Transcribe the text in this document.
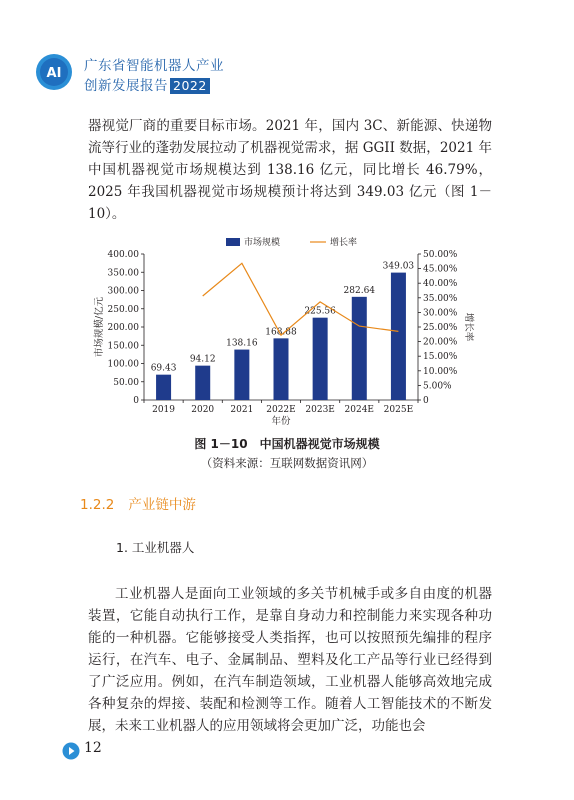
AI 广东省智能机器人产业
创新发展报告 2022
器视觉厂商的重要目标市场。2021 年，国内 3C、新能源、快递物流等行业的蓬勃发展拉动了机器视觉需求，据 GGII 数据，2021 年中国机器视觉市场规模达到 138.16 亿元，同比增长 46.79%，2025 年我国机器视觉市场规模预计将达到 349.03 亿元（图 1－10）。
0
50.00
100.00
150.00
200.00
250.00
300.00
350.00
400.00
0
5.00%
10.00%
15.00%
20.00%
25.00%
30.00%
35.00%
40.00%
45.00%
50.00%
69.43
94.12
138.16
168.88
225.56
282.64
349.03
2019 2020 2021 2022E 2023E 2024E 2025E
年份
市场规模/亿元	增长率
市场规模	增长率
图 1－10　中国机器视觉市场规模
（资料来源：互联网数据资讯网）
1.2.2 产业链中游
1. 工业机器人
工业机器人是面向工业领域的多关节机械手或多自由度的机器装置，它能自动执行工作，是靠自身动力和控制能力来实现各种功能的一种机器。它能够接受人类指挥，也可以按照预先编排的程序运行，在汽车、电子、金属制品、塑料及化工产品等行业已经得到了广泛应用。例如，在汽车制造领域，工业机器人能够高效地完成各种复杂的焊接、装配和检测等工作。随着人工智能技术的不断发展，未来工业机器人的应用领域将会更加广泛，功能也会
12
